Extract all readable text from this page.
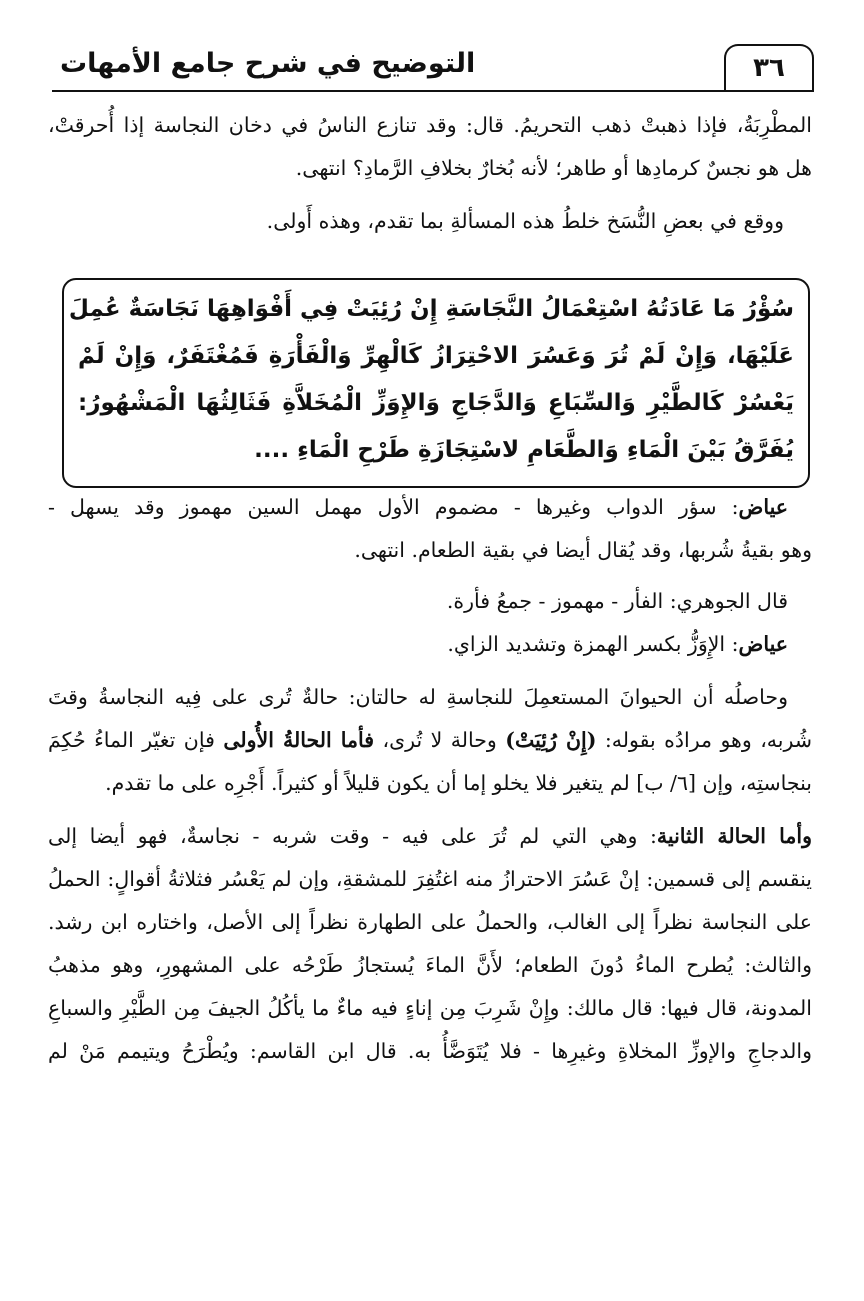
٣٦
التوضيح في شرح جامع الأمهات
المطْرِبَةُ، فإذا ذهبتْ ذهب التحريمُ. قال: وقد تنازع الناسُ في دخان النجاسة إذا أُحرقتْ،
هل هو نجسٌ كرمادِها أو طاهر؛ لأنه بُخارٌ بخلافِ الرَّمادِ؟ انتهى.
ووقع في بعضِ النُّسَخ خلطُ هذه المسألةِ بما تقدم، وهذه أَولى.
سُؤْرُ مَا عَادَتُهُ اسْتِعْمَالُ النَّجَاسَةِ إِنْ رُئِيَتْ فِي أَفْوَاهِهَا نَجَاسَةٌ عُمِلَ
عَلَيْهَا، وَإِنْ لَمْ تُرَ وَعَسُرَ الاحْتِرَازُ كَالْهِرِّ وَالْفَأْرَةِ فَمُغْتَفَرٌ، وَإِنْ لَمْ
يَعْسُرْ كَالطَّيْرِ وَالسِّبَاعِ وَالدَّجَاجِ وَالإِوَزِّ الْمُخَلاَّةِ فَثَالِثُهَا الْمَشْهُورُ:
يُفَرَّقُ بَيْنَ الْمَاءِ وَالطَّعَامِ لاسْتِجَازَةِ طَرْحِ الْمَاءِ ....
عياض: سؤر الدواب وغيرها - مضموم الأول مهمل السين مهموز وقد يسهل -
وهو بقيةُ شُربها، وقد يُقال أيضا في بقية الطعام. انتهى.
قال الجوهري: الفأر - مهموز - جمعُ فأرة.
عياض: الإِوَزُّ بكسر الهمزة وتشديد الزاي.
وحاصلُه أن الحيوانَ المستعمِلَ للنجاسةِ له حالتان: حالةٌ تُرى على فِيه النجاسةُ وقتَ
شُربه، وهو مرادُه بقوله: (إِنْ رُئِيَتْ) وحالة لا تُرى، فأما الحالةُ الأُولى فإن تغيّر الماءُ حُكِمَ
بنجاستِه، وإن [٦/ ب] لم يتغير فلا يخلو إما أن يكون قليلاً أو كثيراً. أَجْرِه على ما تقدم.
وأما الحالة الثانية: وهي التي لم تُرَ على فيه - وقت شربه - نجاسةٌ، فهو أيضا إلى
ينقسم إلى قسمين: إنْ عَسُرَ الاحترازُ منه اغتُفِرَ للمشقةِ، وإن لم يَعْسُر فثلاثةُ أقوالٍ: الحملُ
على النجاسة نظراً إلى الغالب، والحملُ على الطهارة نظراً إلى الأصل، واختاره ابن رشد.
والثالث: يُطرح الماءُ دُونَ الطعام؛ لأَنَّ الماءَ يُستجازُ طَرْحُه على المشهورِ، وهو مذهبُ
المدونة، قال فيها: قال مالك: وإِنْ شَرِبَ مِن إناءٍ فيه ماءٌ ما يأكُلُ الجيفَ مِن الطَّيْرِ والسباعِ
والدجاجِ والإوزِّ المخلاةِ وغيرِها - فلا يُتَوَضَّأُ به. قال ابن القاسم: ويُطْرَحُ ويتيمم مَنْ لم
